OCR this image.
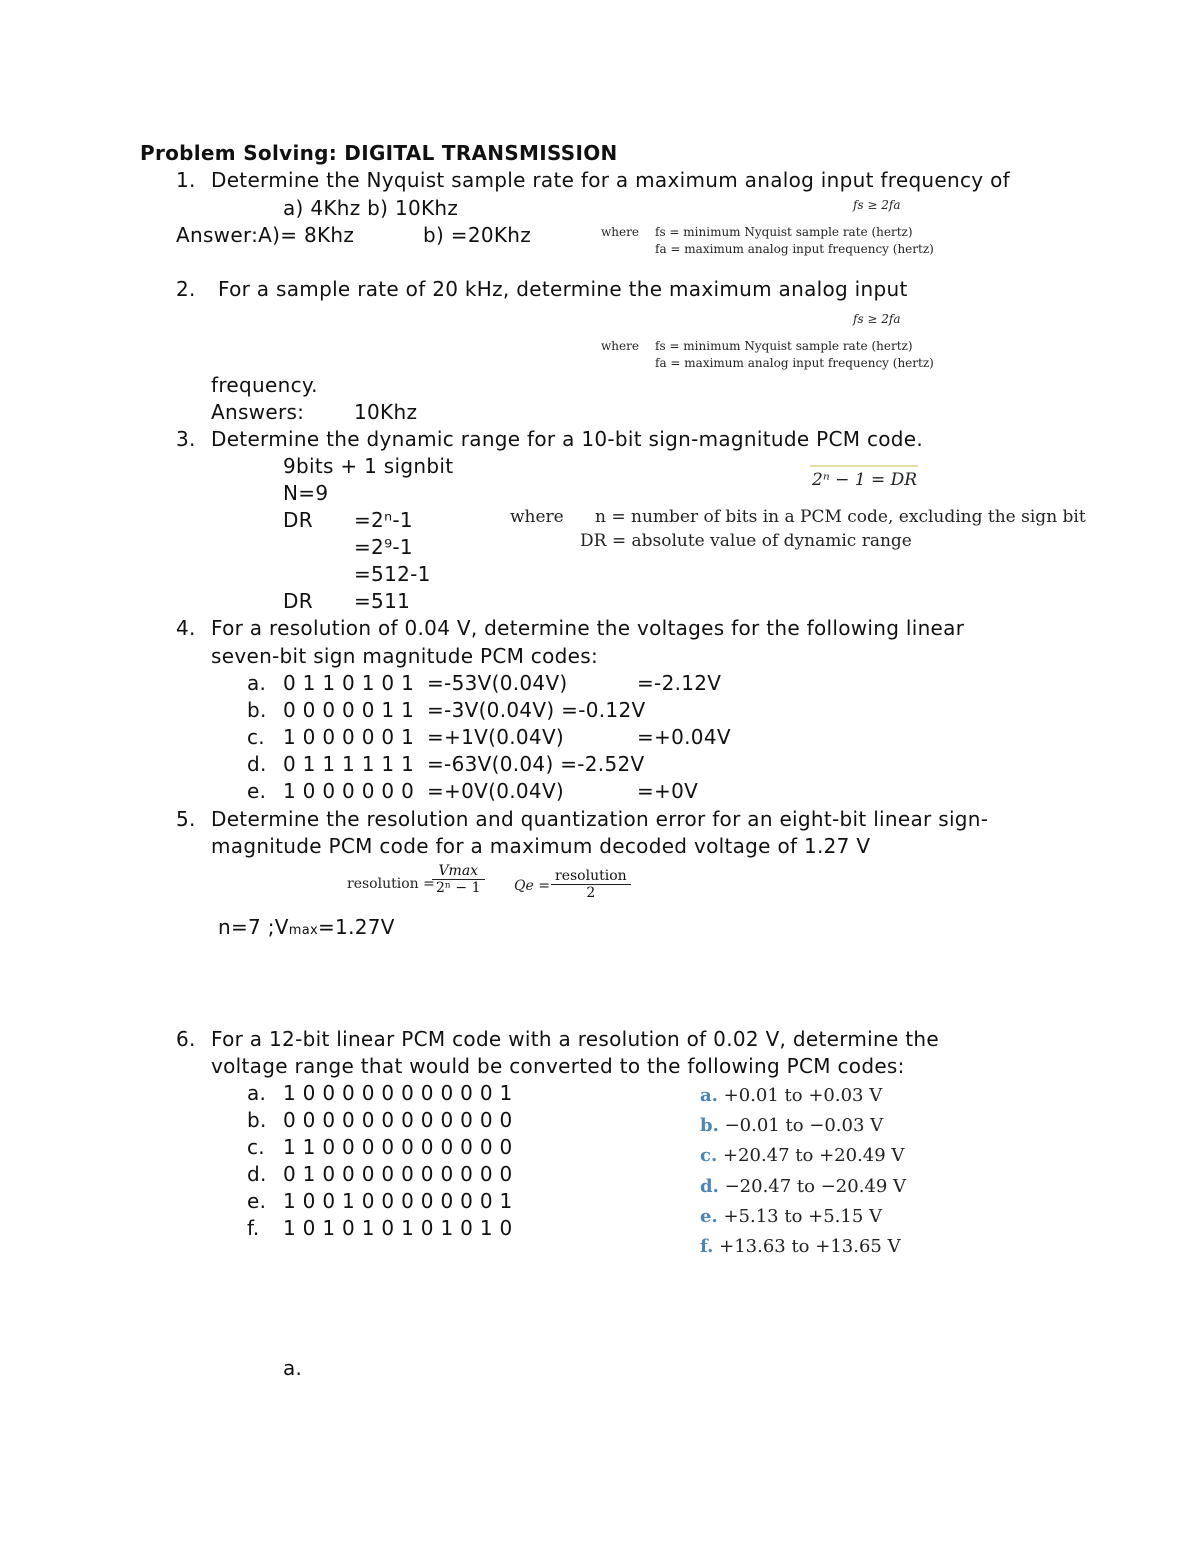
Problem Solving: DIGITAL TRANSMISSION
1. Determine the Nyquist sample rate for a maximum analog input frequency of
a) 4Khz b) 10Khz
Answer:A)= 8Khz	b) =20Khz
fs ≥ 2fa
where fs = minimum Nyquist sample rate (hertz)
fa = maximum analog input frequency (hertz)
2. For a sample rate of 20 kHz, determine the maximum analog input
fs ≥ 2fa
where fs = minimum Nyquist sample rate (hertz)
fa = maximum analog input frequency (hertz)
frequency.
Answers: 10Khz
3. Determine the dynamic range for a 10-bit sign-magnitude PCM code.
9bits + 1 signbit
N=9
DR =2ⁿ-1
=2⁹-1
=512-1
DR =511
2ⁿ − 1 = DR
where n = number of bits in a PCM code, excluding the sign bit
DR = absolute value of dynamic range
4. For a resolution of 0.04 V, determine the voltages for the following linear
seven-bit sign magnitude PCM codes:
a. 0 1 1 0 1 0 1 =-53V(0.04V)	=-2.12V
b. 0 0 0 0 0 1 1 =-3V(0.04V) =-0.12V
c. 1 0 0 0 0 0 1 =+1V(0.04V)	=+0.04V
d. 0 1 1 1 1 1 1 =-63V(0.04) =-2.52V
e. 1 0 0 0 0 0 0 =+0V(0.04V)	=+0V
5. Determine the resolution and quantization error for an eight-bit linear sign-
magnitude PCM code for a maximum decoded voltage of 1.27 V
resolution =
Vmax
2ⁿ − 1 Qe =
resolution
2
n=7 ;Vmax=1.27V
6. For a 12-bit linear PCM code with a resolution of 0.02 V, determine the
voltage range that would be converted to the following PCM codes:
a. 1 0 0 0 0 0 0 0 0 0 0 1
b. 0 0 0 0 0 0 0 0 0 0 0 0
c. 1 1 0 0 0 0 0 0 0 0 0 0
d. 0 1 0 0 0 0 0 0 0 0 0 0
e. 1 0 0 1 0 0 0 0 0 0 0 1
f. 1 0 1 0 1 0 1 0 1 0 1 0
a. +0.01 to +0.03 V
b. −0.01 to −0.03 V
c. +20.47 to +20.49 V
d. −20.47 to −20.49 V
e. +5.13 to +5.15 V
f. +13.63 to +13.65 V
a.
